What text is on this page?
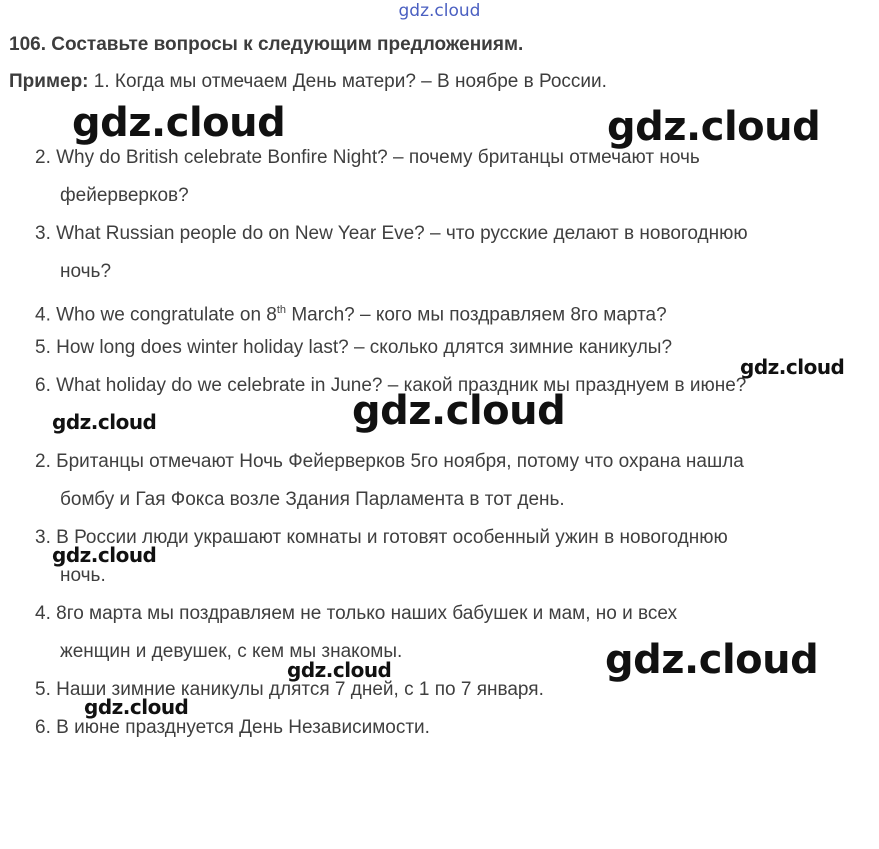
gdz.cloud
106. Составьте вопросы к следующим предложениям.
Пример: 1. Когда мы отмечаем День матери? – В ноябре в России.
2. Why do British celebrate Bonfire Night? – почему британцы отмечают ночь
фейерверков?
3. What Russian people do on New Year Eve? – что русские делают в новогоднюю
ночь?
4. Who we congratulate on 8th March? – кого мы поздравляем 8го марта?
5. How long does winter holiday last? – сколько длятся зимние каникулы?
6. What holiday do we celebrate in June? – какой праздник мы празднуем в июне?
2. Британцы отмечают Ночь Фейерверков 5го ноября, потому что охрана нашла
бомбу и Гая Фокса возле Здания Парламента в тот день.
3. В России люди украшают комнаты и готовят особенный ужин в новогоднюю
ночь.
4. 8го марта мы поздравляем не только наших бабушек и мам, но и всех
женщин и девушек, с кем мы знакомы.
5. Наши зимние каникулы длятся 7 дней, с 1 по 7 января.
6. В июне празднуется День Независимости.
gdz.cloud	gdz.cloud
gdz.cloud
gdz.cloud	gdz.cloud
gdz.cloud
gdz.cloud
gdz.cloud
gdz.cloud
